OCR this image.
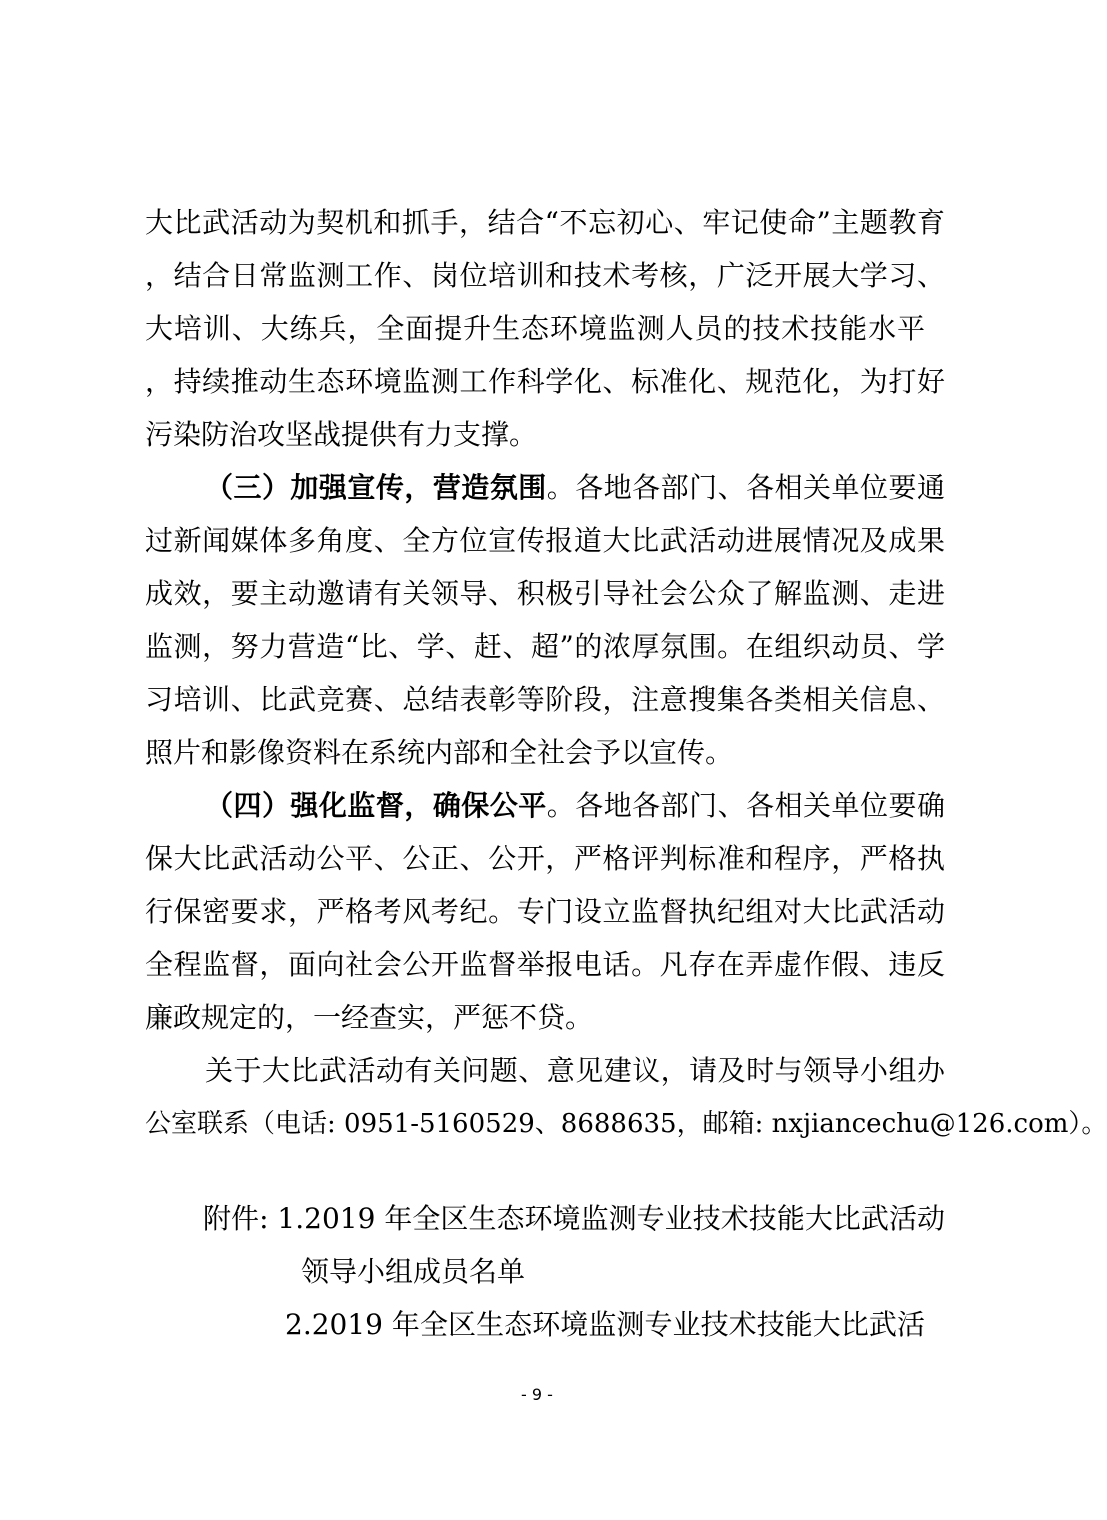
大比武活动为契机和抓手，结合“不忘初心、牢记使命”主题教育
，结合日常监测工作、岗位培训和技术考核，广泛开展大学习、
大培训、大练兵，全面提升生态环境监测人员的技术技能水平
，持续推动生态环境监测工作科学化、标准化、规范化，为打好
污染防治攻坚战提供有力支撑。
（三）加强宣传，营造氛围。各地各部门、各相关单位要通
过新闻媒体多角度、全方位宣传报道大比武活动进展情况及成果
成效，要主动邀请有关领导、积极引导社会公众了解监测、走进
监测，努力营造“比、学、赶、超”的浓厚氛围。在组织动员、学
习培训、比武竞赛、总结表彰等阶段，注意搜集各类相关信息、
照片和影像资料在系统内部和全社会予以宣传。
（四）强化监督，确保公平。各地各部门、各相关单位要确
保大比武活动公平、公正、公开，严格评判标准和程序，严格执
行保密要求，严格考风考纪。专门设立监督执纪组对大比武活动
全程监督，面向社会公开监督举报电话。凡存在弄虚作假、违反
廉政规定的，一经查实，严惩不贷。
关于大比武活动有关问题、意见建议，请及时与领导小组办
公室联系（电话: 0951-5160529、8688635，邮箱: nxjiancechu@126.com）。
附件: 1.2019 年全区生态环境监测专业技术技能大比武活动
领导小组成员名单
2.2019 年全区生态环境监测专业技术技能大比武活
- 9 -
